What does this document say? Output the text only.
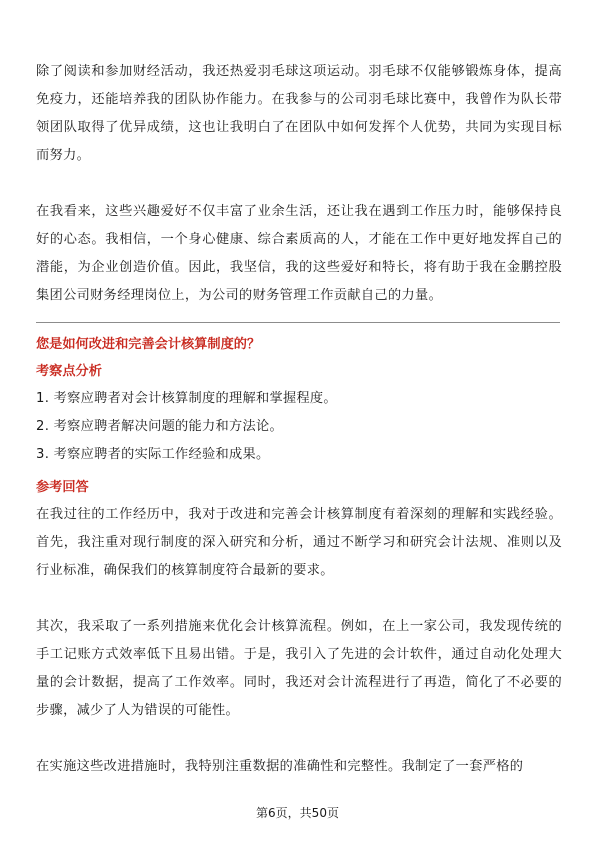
除了阅读和参加财经活动，我还热爱羽毛球这项运动。羽毛球不仅能够锻炼身体，提高免疫力，还能培养我的团队协作能力。在我参与的公司羽毛球比赛中，我曾作为队长带领团队取得了优异成绩，这也让我明白了在团队中如何发挥个人优势，共同为实现目标而努力。

在我看来，这些兴趣爱好不仅丰富了业余生活，还让我在遇到工作压力时，能够保持良好的心态。我相信，一个身心健康、综合素质高的人，才能在工作中更好地发挥自己的潜能，为企业创造价值。因此，我坚信，我的这些爱好和特长，将有助于我在金鹏控股集团公司财务经理岗位上，为公司的财务管理工作贡献自己的力量。

您是如何改进和完善会计核算制度的？

考察点分析

1. 考察应聘者对会计核算制度的理解和掌握程度。

2. 考察应聘者解决问题的能力和方法论。

3. 考察应聘者的实际工作经验和成果。

参考回答

在我过往的工作经历中，我对于改进和完善会计核算制度有着深刻的理解和实践经验。首先，我注重对现行制度的深入研究和分析，通过不断学习和研究会计法规、准则以及行业标准，确保我们的核算制度符合最新的要求。

其次，我采取了一系列措施来优化会计核算流程。例如，在上一家公司，我发现传统的手工记账方式效率低下且易出错。于是，我引入了先进的会计软件，通过自动化处理大量的会计数据，提高了工作效率。同时，我还对会计流程进行了再造，简化了不必要的步骤，减少了人为错误的可能性。

在实施这些改进措施时，我特别注重数据的准确性和完整性。我制定了一套严格的

第6页，共50页
